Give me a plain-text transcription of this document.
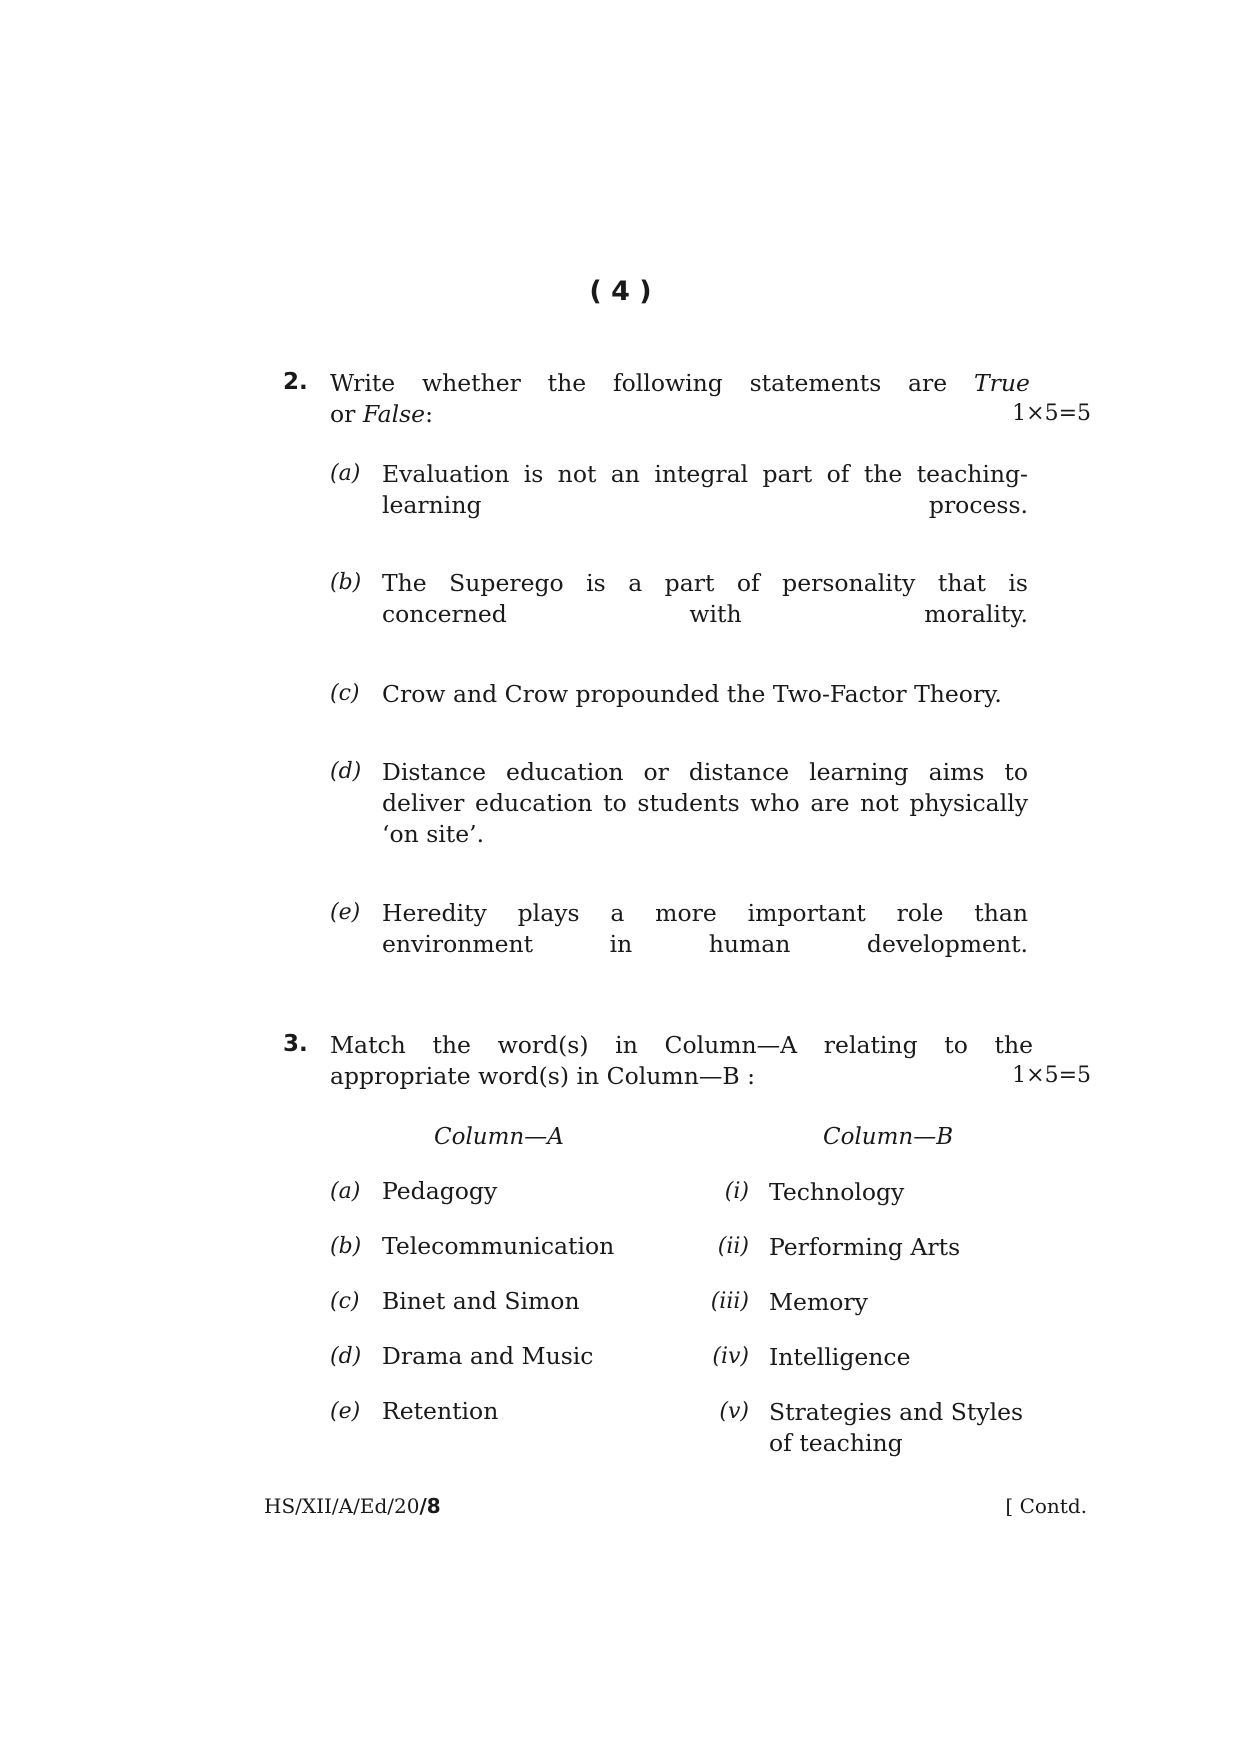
( 4 )
2. Write whether the following statements are True
or False:	1×5=5
(a) Evaluation is not an integral part of the teaching-learning process.
(b) The Superego is a part of personality that is concerned with morality.
(c) Crow and Crow propounded the Two-Factor Theory.
(d) Distance education or distance learning aims to deliver education to students who are not physically ‘on site’.
(e) Heredity plays a more important role than environment in human development.
3. Match the word(s) in Column—A relating to the
appropriate word(s) in Column—B :	1×5=5
Column—A	Column—B
(a) Pedagogy	(i) Technology
(b) Telecommunication	(ii) Performing Arts
(c) Binet and Simon	(iii) Memory
(d) Drama and Music	(iv) Intelligence
(e) Retention	(v) Strategies and Styles of teaching
HS/XII/A/Ed/20/8	[ Contd.
